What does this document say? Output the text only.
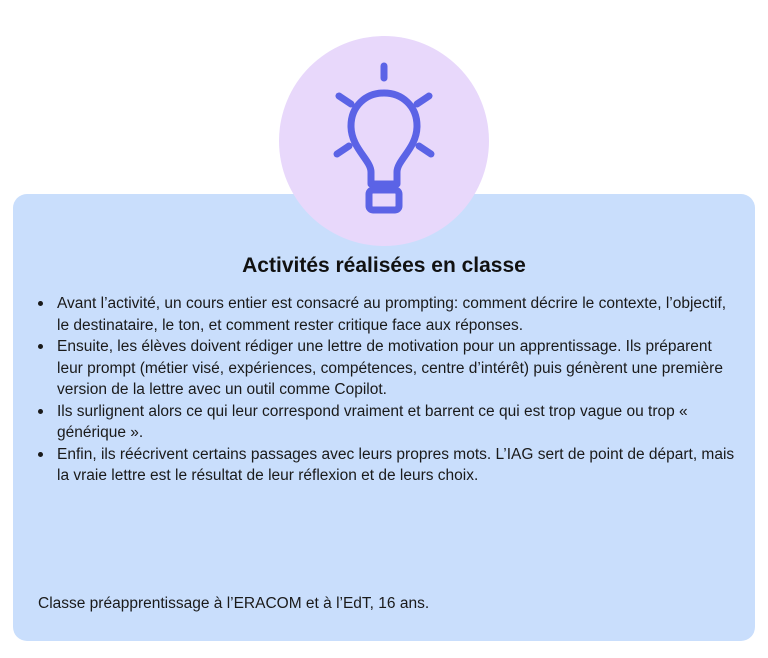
Activités réalisées en classe
Avant l’activité, un cours entier est consacré au prompting: comment décrire le contexte, l’objectif, le destinataire, le ton, et comment rester critique face aux réponses.
Ensuite, les élèves doivent rédiger une lettre de motivation pour un apprentissage. Ils préparent leur prompt (métier visé, expériences, compétences, centre d’intérêt) puis génèrent une première version de la lettre avec un outil comme Copilot.
Ils surlignent alors ce qui leur correspond vraiment et barrent ce qui est trop vague ou trop « générique ».
Enfin, ils réécrivent certains passages avec leurs propres mots. L’IAG sert de point de départ, mais la vraie lettre est le résultat de leur réflexion et de leurs choix.

Classe préapprentissage à l’ERACOM et à l’EdT, 16 ans.
